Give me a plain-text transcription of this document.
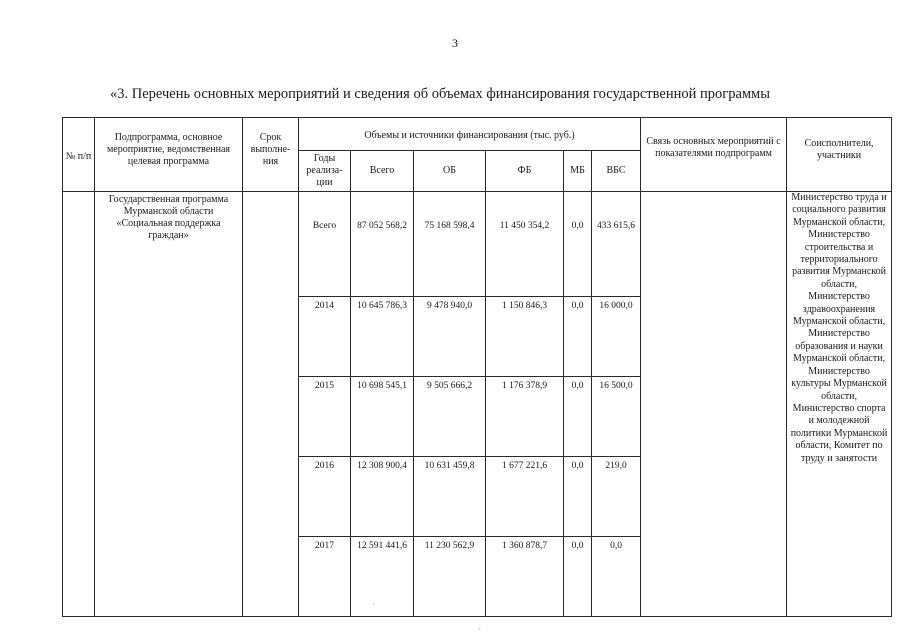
3
«3. Перечень основных мероприятий и сведения об объемах финансирования государственной программы
№ п/п	Подпрограмма, основное мероприятие, ведомственная целевая программа	Срок выполне-ния	Объемы и источники финансирования (тыс. руб.)						Связь основных мероприятий с показателями подпрограмм	Соисполнители, участники
			Годы реализа-ции	Всего	ОБ	ФБ	МБ	ВБС		
	Государственная программа Мурманской области «Социальная поддержка граждан»		Всего	87 052 568,2	75 168 598,4	11 450 354,2	0,0	433 615,6		Министерство труда и социального развития Мурманской области, Министерство строительства и территориального развития Мурманской области, Министерство здравоохранения Мурманской области, Министерство образования и науки Мурманской области, Министерство культуры Мурманской области, Министерство спорта и молодежной политики Мурманской области, Комитет по труду и занятости
			2014	10 645 786,3	9 478 940,0	1 150 846,3	0,0	16 000,0		
			2015	10 698 545,1	9 505 666,2	1 176 378,9	0,0	16 500,0		
			2016	12 308 900,4	10 631 459,8	1 677 221,6	0,0	219,0		
			2017	12 591 441,6	11 230 562,9	1 360 878,7	0,0	0,0		
·
-
